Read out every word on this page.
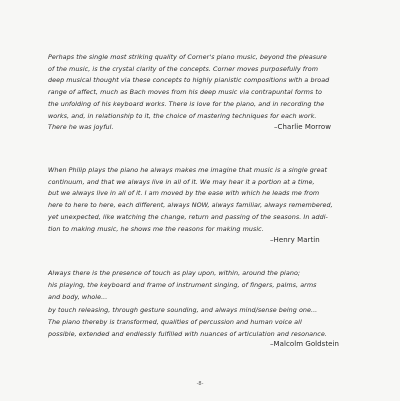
Perhaps the single most striking quality of Corner's piano music, beyond the pleasure
of the music, is the crystal clarity of the concepts. Corner moves purposefully from
deep musical thought via these concepts to highly pianistic compositions with a broad
range of affect, much as Bach moves from his deep music via contrapuntal forms to
the unfolding of his keyboard works. There is love for the piano, and in recording the
works, and, in relationship to it, the choice of mastering techniques for each work.
There he was joyful.	–Charlie Morrow
When Philip plays the piano he always makes me imagine that music is a single great
continuum, and that we always live in all of it. We may hear it a portion at a time,
but we always live in all of it. I am moved by the ease with which he leads me from
here to here to here, each different, always NOW, always familiar, always remembered,
yet unexpected, like watching the change, return and passing of the seasons. In addi-
tion to making music, he shows me the reasons for making music.
–Henry Martin

Always there is the presence of touch as play upon, within, around the piano;
his playing, the keyboard and frame of instrument singing, of fingers, palms, arms
and body, whole...
by touch releasing, through gesture sounding, and always mind/sense being one...
The piano thereby is transformed, qualities of percussion and human voice all
possible, extended and endlessly fulfilled with nuances of articulation and resonance.
–Malcolm Goldstein

-8-
